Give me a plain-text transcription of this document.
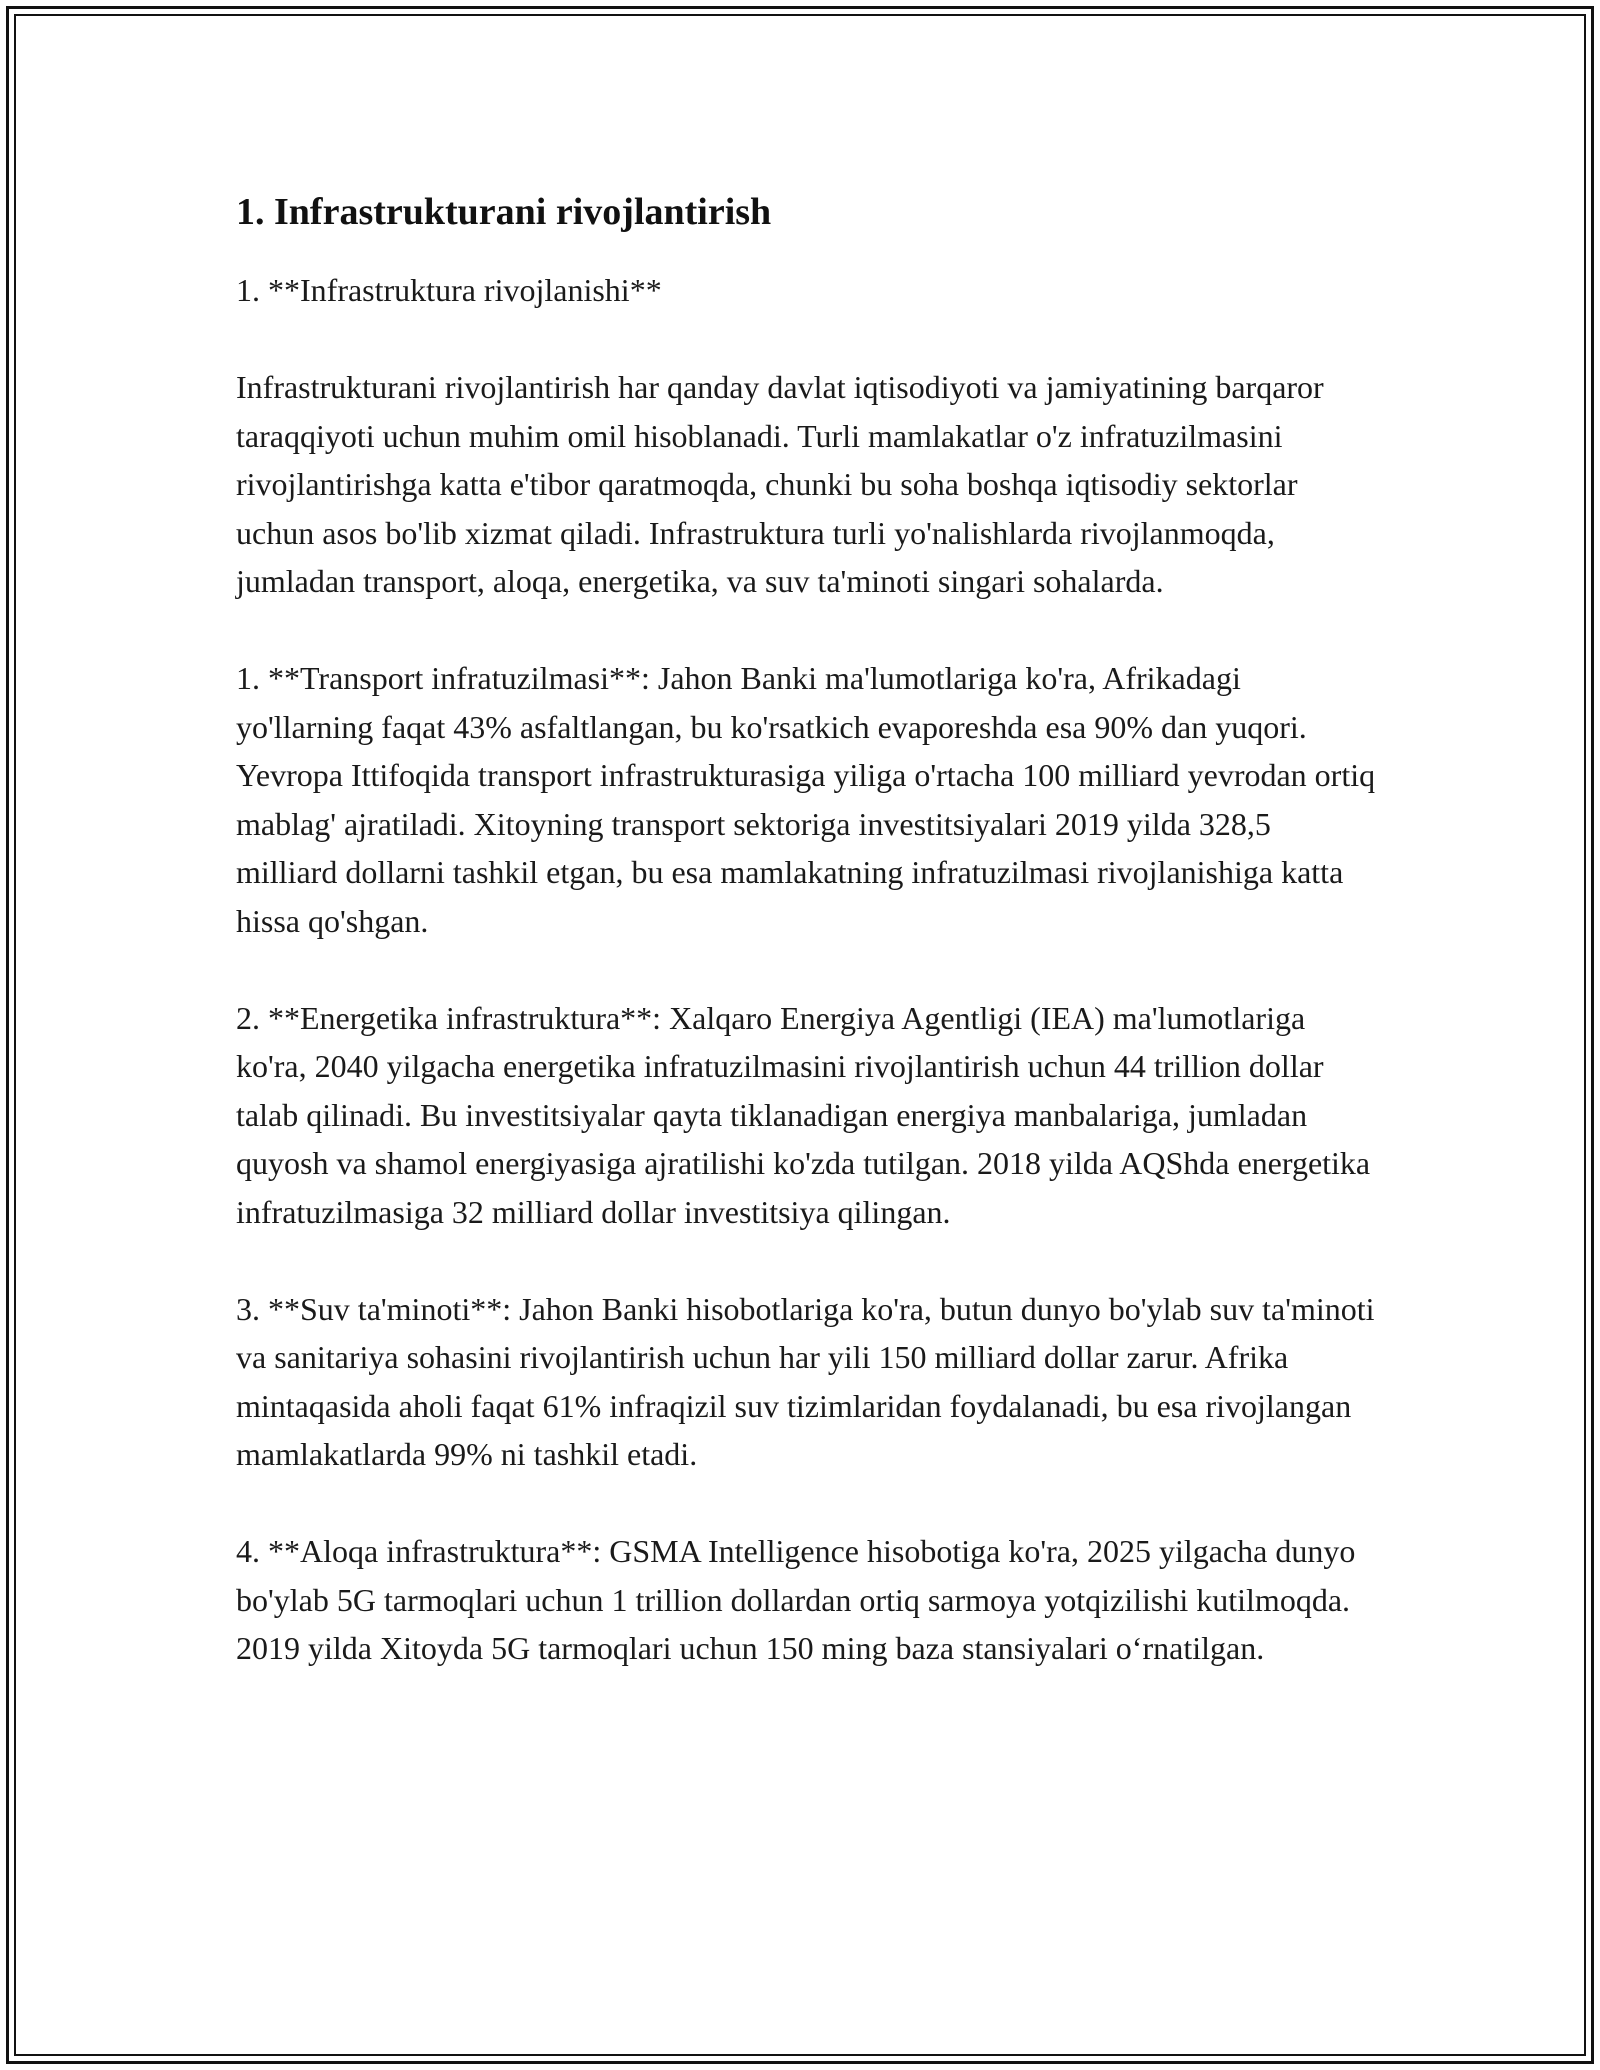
1. Infrastrukturani rivojlantirish

1. **Infrastruktura rivojlanishi**

Infrastrukturani rivojlantirish har qanday davlat iqtisodiyoti va jamiyatining barqaror taraqqiyoti uchun muhim omil hisoblanadi. Turli mamlakatlar o'z infratuzilmasini rivojlantirishga katta e'tibor qaratmoqda, chunki bu soha boshqa iqtisodiy sektorlar uchun asos bo'lib xizmat qiladi. Infrastruktura turli yo'nalishlarda rivojlanmoqda, jumladan transport, aloqa, energetika, va suv ta'minoti singari sohalarda.

1. **Transport infratuzilmasi**: Jahon Banki ma'lumotlariga ko'ra, Afrikadagi yo'llarning faqat 43% asfaltlangan, bu ko'rsatkich evaporeshda esa 90% dan yuqori. Yevropa Ittifoqida transport infrastrukturasiga yiliga o'rtacha 100 milliard yevrodan ortiq mablag' ajratiladi. Xitoyning transport sektoriga investitsiyalari 2019 yilda 328,5 milliard dollarni tashkil etgan, bu esa mamlakatning infratuzilmasi rivojlanishiga katta hissa qo'shgan.

2. **Energetika infrastruktura**: Xalqaro Energiya Agentligi (IEA) ma'lumotlariga ko'ra, 2040 yilgacha energetika infratuzilmasini rivojlantirish uchun 44 trillion dollar talab qilinadi. Bu investitsiyalar qayta tiklanadigan energiya manbalariga, jumladan quyosh va shamol energiyasiga ajratilishi ko'zda tutilgan. 2018 yilda AQShda energetika infratuzilmasiga 32 milliard dollar investitsiya qilingan.

3. **Suv ta'minoti**: Jahon Banki hisobotlariga ko'ra, butun dunyo bo'ylab suv ta'minoti va sanitariya sohasini rivojlantirish uchun har yili 150 milliard dollar zarur. Afrika mintaqasida aholi faqat 61% infraqizil suv tizimlaridan foydalanadi, bu esa rivojlangan mamlakatlarda 99% ni tashkil etadi.

4. **Aloqa infrastruktura**: GSMA Intelligence hisobotiga ko'ra, 2025 yilgacha dunyo bo'ylab 5G tarmoqlari uchun 1 trillion dollardan ortiq sarmoya yotqizilishi kutilmoqda. 2019 yilda Xitoyda 5G tarmoqlari uchun 150 ming baza stansiyalari oʻrnatilgan.
